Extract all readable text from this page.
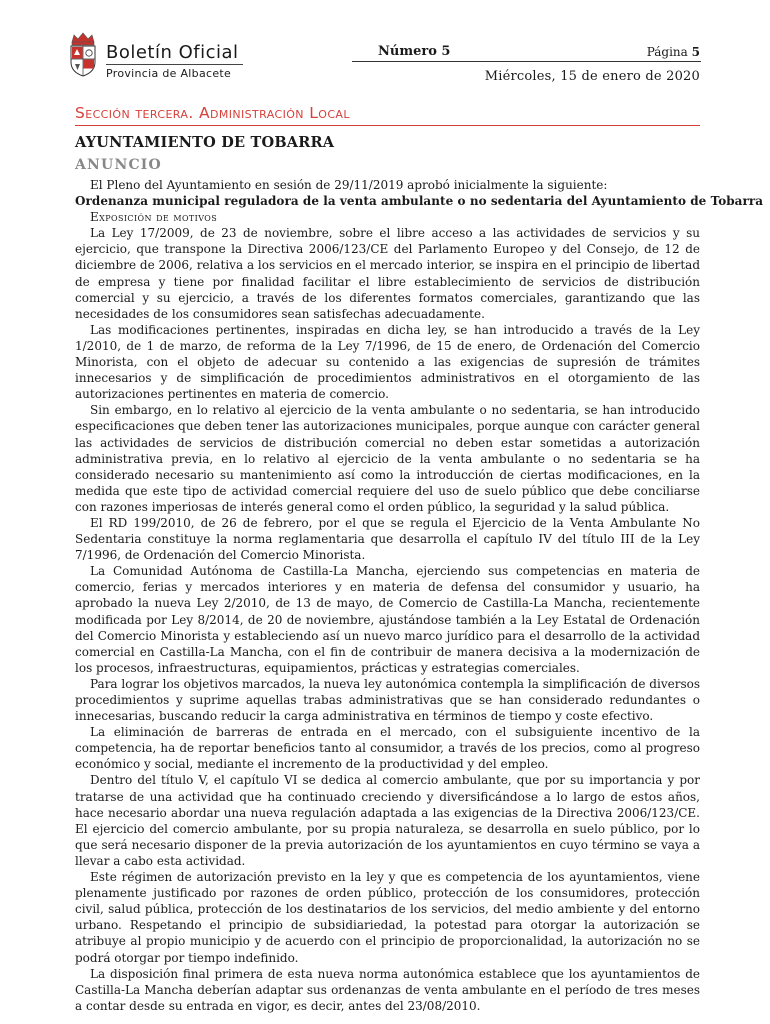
Boletín Oficial
Provincia de Albacete
Número 5	Página 5
Miércoles, 15 de enero de 2020
Sección tercera. Administración Local
AYUNTAMIENTO DE TOBARRA
ANUNCIO

El Pleno del Ayuntamiento en sesión de 29/11/2019 aprobó inicialmente la siguiente:

Ordenanza municipal reguladora de la venta ambulante o no sedentaria del Ayuntamiento de Tobarra

Exposición de motivos

La Ley 17/2009, de 23 de noviembre, sobre el libre acceso a las actividades de servicios y su ejercicio, que transpone la Directiva 2006/123/CE del Parlamento Europeo y del Consejo, de 12 de diciembre de 2006, relativa a los servicios en el mercado interior, se inspira en el principio de libertad de empresa y tiene por finalidad facilitar el libre establecimiento de servicios de distribución comercial y su ejercicio, a través de los diferentes formatos comerciales, garantizando que las necesidades de los consumidores sean satisfechas adecuadamente.

Las modificaciones pertinentes, inspiradas en dicha ley, se han introducido a través de la Ley 1/2010, de 1 de marzo, de reforma de la Ley 7/1996, de 15 de enero, de Ordenación del Comercio Minorista, con el objeto de adecuar su contenido a las exigencias de supresión de trámites innecesarios y de simplificación de procedimientos administrativos en el otorgamiento de las autorizaciones pertinentes en materia de comercio.

Sin embargo, en lo relativo al ejercicio de la venta ambulante o no sedentaria, se han introducido especificaciones que deben tener las autorizaciones municipales, porque aunque con carácter general las actividades de servicios de distribución comercial no deben estar sometidas a autorización administrativa previa, en lo relativo al ejercicio de la venta ambulante o no sedentaria se ha considerado necesario su mantenimiento así como la introducción de ciertas modificaciones, en la medida que este tipo de actividad comercial requiere del uso de suelo público que debe conciliarse con razones imperiosas de interés general como el orden público, la seguridad y la salud pública.

El RD 199/2010, de 26 de febrero, por el que se regula el Ejercicio de la Venta Ambulante No Sedentaria constituye la norma reglamentaria que desarrolla el capítulo IV del título III de la Ley 7/1996, de Ordenación del Comercio Minorista.

La Comunidad Autónoma de Castilla-La Mancha, ejerciendo sus competencias en materia de comercio, ferias y mercados interiores y en materia de defensa del consumidor y usuario, ha aprobado la nueva Ley 2/2010, de 13 de mayo, de Comercio de Castilla-La Mancha, recientemente modificada por Ley 8/2014, de 20 de noviembre, ajustándose también a la Ley Estatal de Ordenación del Comercio Minorista y estableciendo así un nuevo marco jurídico para el desarrollo de la actividad comercial en Castilla-La Mancha, con el fin de contribuir de manera decisiva a la modernización de los procesos, infraestructuras, equipamientos, prácticas y estrategias comerciales.

Para lograr los objetivos marcados, la nueva ley autonómica contempla la simplificación de diversos procedimientos y suprime aquellas trabas administrativas que se han considerado redundantes o innecesarias, buscando reducir la carga administrativa en términos de tiempo y coste efectivo.

La eliminación de barreras de entrada en el mercado, con el subsiguiente incentivo de la competencia, ha de reportar beneficios tanto al consumidor, a través de los precios, como al progreso económico y social, mediante el incremento de la productividad y del empleo.

Dentro del título V, el capítulo VI se dedica al comercio ambulante, que por su importancia y por tratarse de una actividad que ha continuado creciendo y diversificándose a lo largo de estos años, hace necesario abordar una nueva regulación adaptada a las exigencias de la Directiva 2006/123/CE. El ejercicio del comercio ambulante, por su propia naturaleza, se desarrolla en suelo público, por lo que será necesario disponer de la previa autorización de los ayuntamientos en cuyo término se vaya a llevar a cabo esta actividad.

Este régimen de autorización previsto en la ley y que es competencia de los ayuntamientos, viene plenamente justificado por razones de orden público, protección de los consumidores, protección civil, salud pública, protección de los destinatarios de los servicios, del medio ambiente y del entorno urbano. Respetando el principio de subsidiariedad, la potestad para otorgar la autorización se atribuye al propio municipio y de acuerdo con el principio de proporcionalidad, la autorización no se podrá otorgar por tiempo indefinido.

La disposición final primera de esta nueva norma autonómica establece que los ayuntamientos de Castilla-La Mancha deberían adaptar sus ordenanzas de venta ambulante en el período de tres meses a contar desde su entrada en vigor, es decir, antes del 23/08/2010.
